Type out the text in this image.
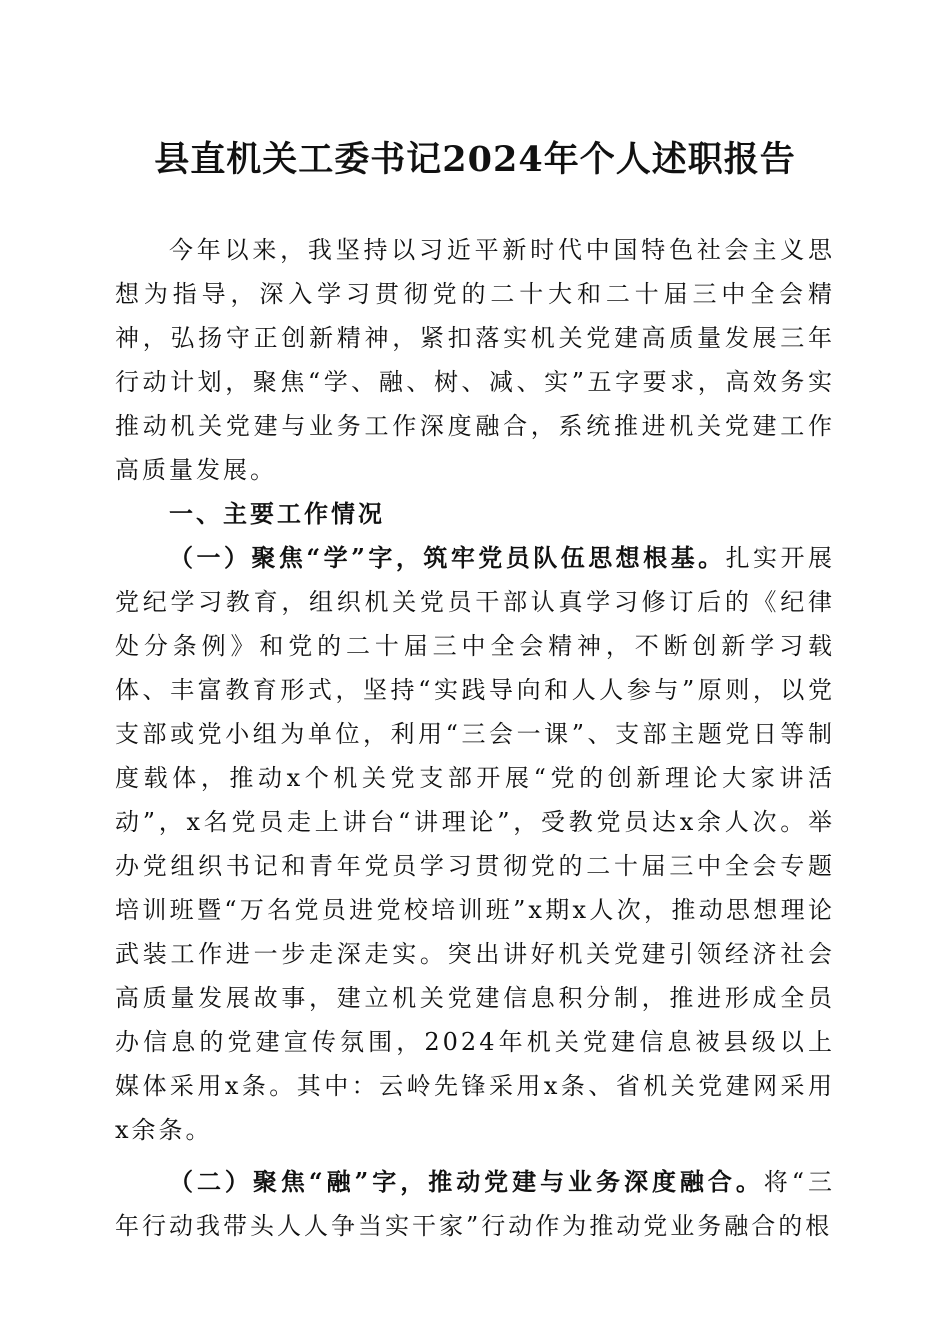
县直机关工委书记2024年个人述职报告

今年以来，我坚持以习近平新时代中国特色社会主义思想为指导，深入学习贯彻党的二十大和二十届三中全会精神，弘扬守正创新精神，紧扣落实机关党建高质量发展三年行动计划，聚焦“学、融、树、减、实”五字要求，高效务实推动机关党建与业务工作深度融合，系统推进机关党建工作高质量发展。

一、主要工作情况

（一）聚焦“学”字，筑牢党员队伍思想根基。扎实开展党纪学习教育，组织机关党员干部认真学习修订后的《纪律处分条例》和党的二十届三中全会精神，不断创新学习载体、丰富教育形式，坚持“实践导向和人人参与”原则，以党支部或党小组为单位，利用“三会一课”、支部主题党日等制度载体，推动x个机关党支部开展“党的创新理论大家讲活动”，x名党员走上讲台“讲理论”，受教党员达x余人次。举办党组织书记和青年党员学习贯彻党的二十届三中全会专题培训班暨“万名党员进党校培训班”x期x人次，推动思想理论武装工作进一步走深走实。突出讲好机关党建引领经济社会高质量发展故事，建立机关党建信息积分制，推进形成全员办信息的党建宣传氛围，2024年机关党建信息被县级以上媒体采用x条。其中：云岭先锋采用x条、省机关党建网采用x余条。

（二）聚焦“融”字，推动党建与业务深度融合。将“三年行动我带头人人争当实干家”行动作为推动党业务融合的根
